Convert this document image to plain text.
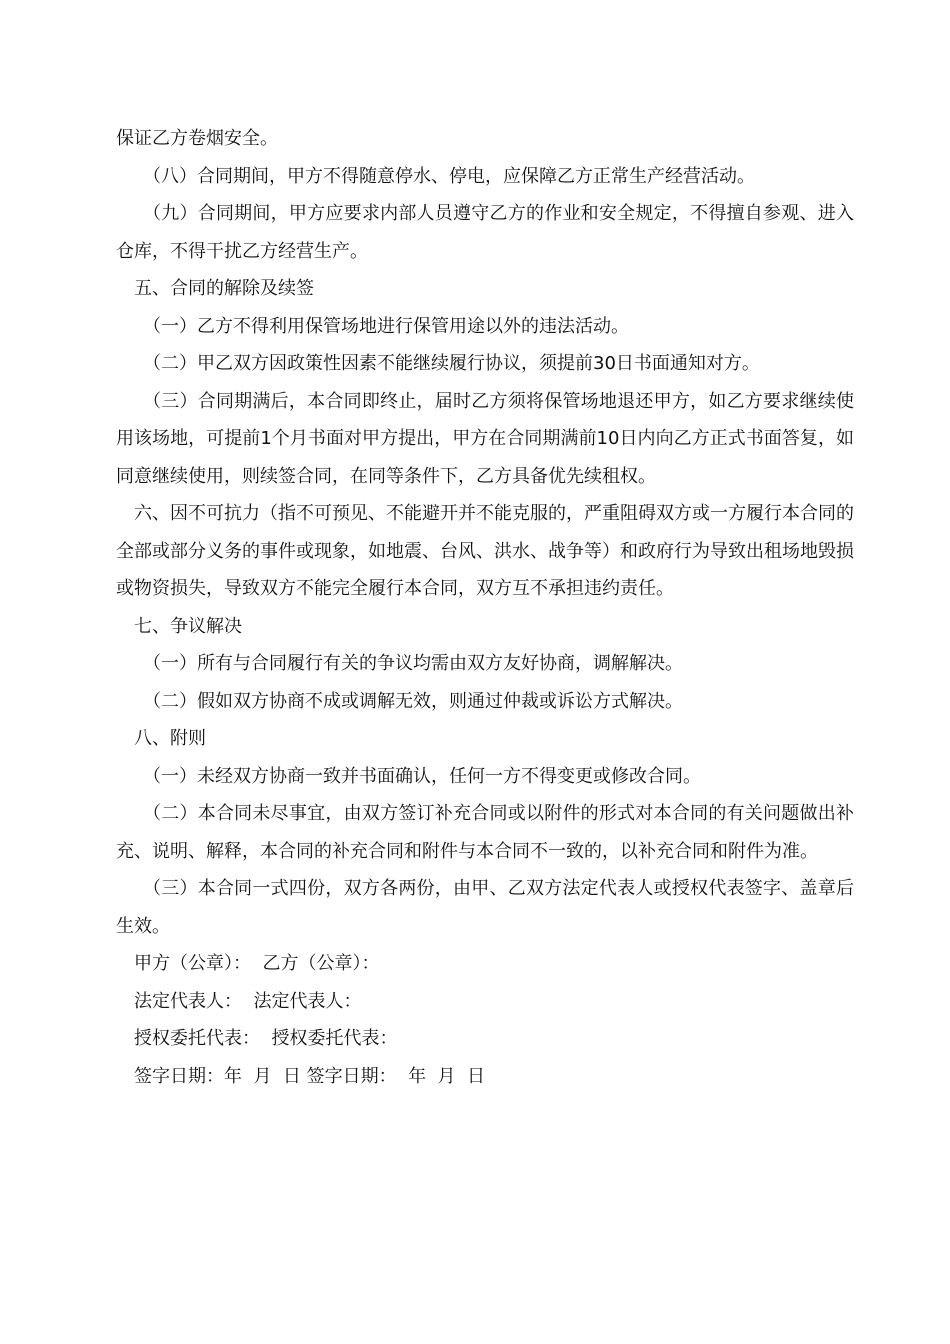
保证乙方卷烟安全。

（八）合同期间，甲方不得随意停水、停电，应保障乙方正常生产经营活动。

（九）合同期间，甲方应要求内部人员遵守乙方的作业和安全规定，不得擅自参观、进入仓库，不得干扰乙方经营生产。

五、合同的解除及续签

（一）乙方不得利用保管场地进行保管用途以外的违法活动。

（二）甲乙双方因政策性因素不能继续履行协议，须提前30日书面通知对方。

（三）合同期满后，本合同即终止，届时乙方须将保管场地退还甲方，如乙方要求继续使用该场地，可提前1个月书面对甲方提出，甲方在合同期满前10日内向乙方正式书面答复，如同意继续使用，则续签合同，在同等条件下，乙方具备优先续租权。

六、因不可抗力（指不可预见、不能避开并不能克服的，严重阻碍双方或一方履行本合同的全部或部分义务的事件或现象，如地震、台风、洪水、战争等）和政府行为导致出租场地毁损或物资损失，导致双方不能完全履行本合同，双方互不承担违约责任。

七、争议解决

（一）所有与合同履行有关的争议均需由双方友好协商，调解解决。

（二）假如双方协商不成或调解无效，则通过仲裁或诉讼方式解决。

八、附则

（一）未经双方协商一致并书面确认，任何一方不得变更或修改合同。

（二）本合同未尽事宜，由双方签订补充合同或以附件的形式对本合同的有关问题做出补充、说明、解释，本合同的补充合同和附件与本合同不一致的，以补充合同和附件为准。

（三）本合同一式四份，双方各两份，由甲、乙双方法定代表人或授权代表签字、盖章后生效。

甲方（公章）： 乙方（公章）：
法定代表人： 法定代表人：
授权委托代表： 授权委托代表：
签字日期：年  月  日 签字日期：  年  月  日
